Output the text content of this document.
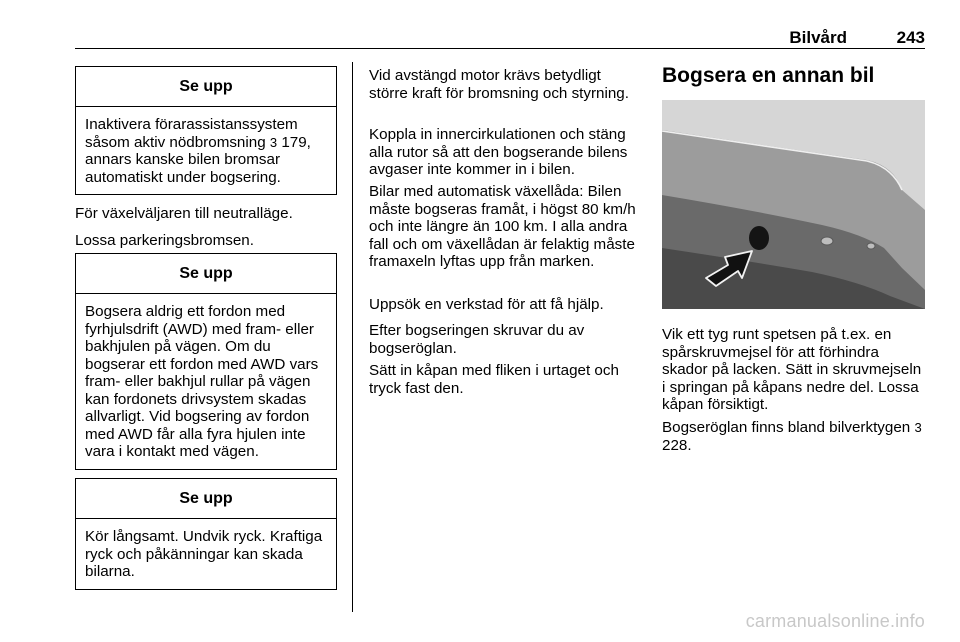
Bilvård	243
Se upp
Inaktivera förarassistanssystem såsom aktiv nödbromsning 3 179, annars kanske bilen bromsar automatiskt under bogsering.

För växelväljaren till neutralläge.

Lossa parkeringsbromsen.

Se upp
Bogsera aldrig ett fordon med fyrhjulsdrift (AWD) med fram- eller bakhjulen på vägen. Om du bogserar ett fordon med AWD vars fram- eller bakhjul rullar på vägen kan fordonets drivsystem skadas allvarligt. Vid bogsering av fordon med AWD får alla fyra hjulen inte vara i kontakt med vägen.
Se upp
Kör långsamt. Undvik ryck. Kraftiga ryck och påkänningar kan skada bilarna.

Vid avstängd motor krävs betydligt större kraft för bromsning och styrning.

Koppla in innercirkulationen och stäng alla rutor så att den bogserande bilens avgaser inte kommer in i bilen.

Bilar med automatisk växellåda: Bilen måste bogseras framåt, i högst 80 km/h och inte längre än 100 km. I alla andra fall och om växellådan är felaktig måste framaxeln lyftas upp från marken.

Uppsök en verkstad för att få hjälp.

Efter bogseringen skruvar du av bogseröglan.

Sätt in kåpan med fliken i urtaget och tryck fast den.

Bogsera en annan bil

Vik ett tyg runt spetsen på t.ex. en spårskruvmejsel för att förhindra skador på lacken. Sätt in skruvmejseln i springan på kåpans nedre del. Lossa kåpan försiktigt.

Bogseröglan finns bland bilverktygen 3 228.

carmanualsonline.info
